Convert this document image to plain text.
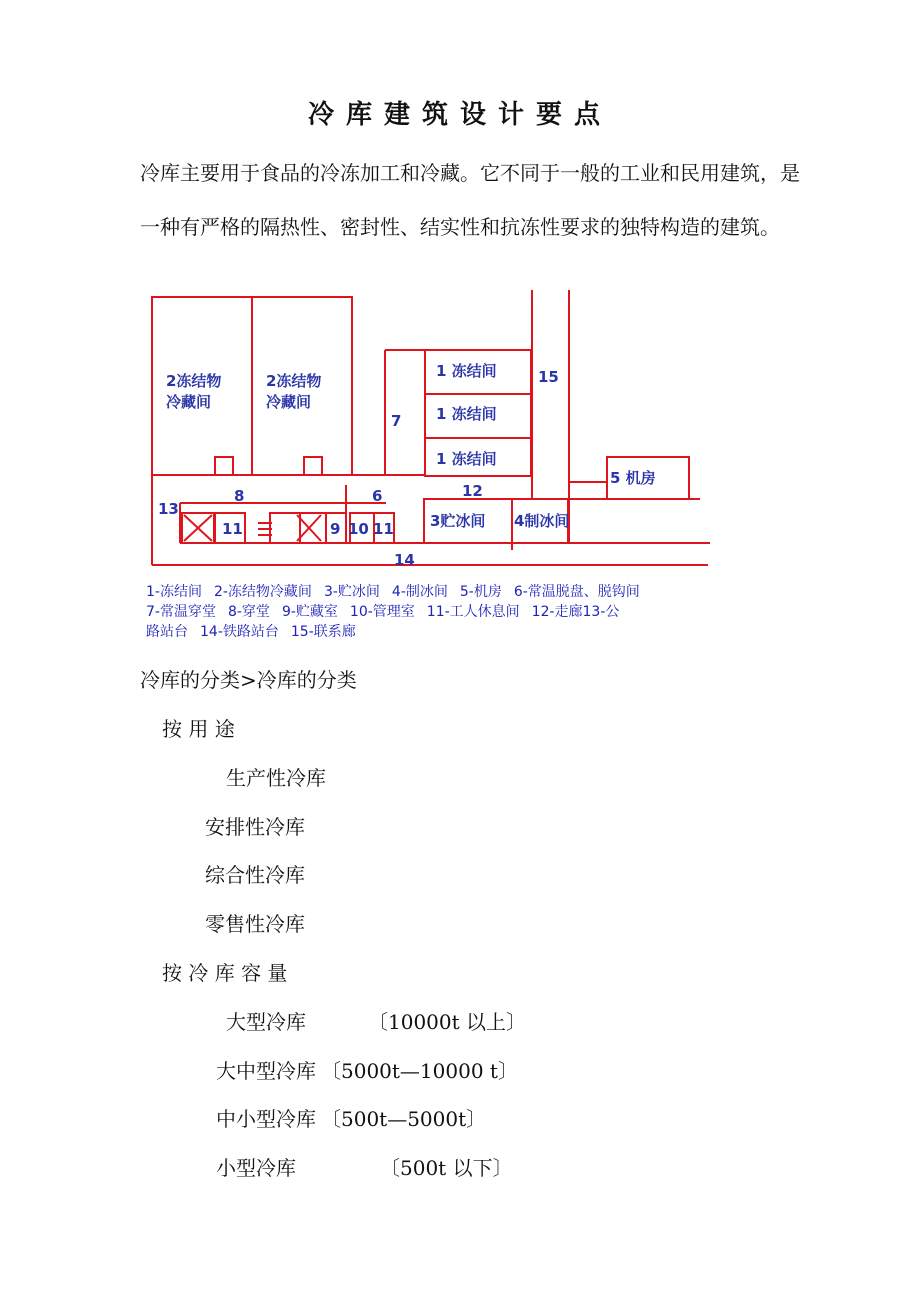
冷库建筑设计要点
冷库主要用于食品的冷冻加工和冷藏。它不同于一般的工业和民用建筑，是一种有严格的隔热性、密封性、结实性和抗冻性要求的独特构造的建筑。
2冻结物
冷藏间
2冻结物
冷藏间
1 冻结间
1 冻结间
1 冻结间
15
7
5 机房
8	6	12
13
11	9 10 11 3贮冰间 4制冰间
14
1-冻结间 2-冻结物冷藏间 3-贮冰间 4-制冰间 5-机房 6-常温脱盘、脱钩间
7-常温穿堂 8-穿堂 9-贮藏室 10-管理室 11-工人休息间 12-走廊13-公
路站台 14-铁路站台 15-联系廊
冷库的分类>冷库的分类
按 用 途
生产性冷库
安排性冷库
综合性冷库
零售性冷库
按 冷 库 容 量
大型冷库	〔10000t 以上〕
大中型冷库 〔5000t—10000 t〕
中小型冷库 〔500t—5000t〕
小型冷库	〔500t 以下〕
